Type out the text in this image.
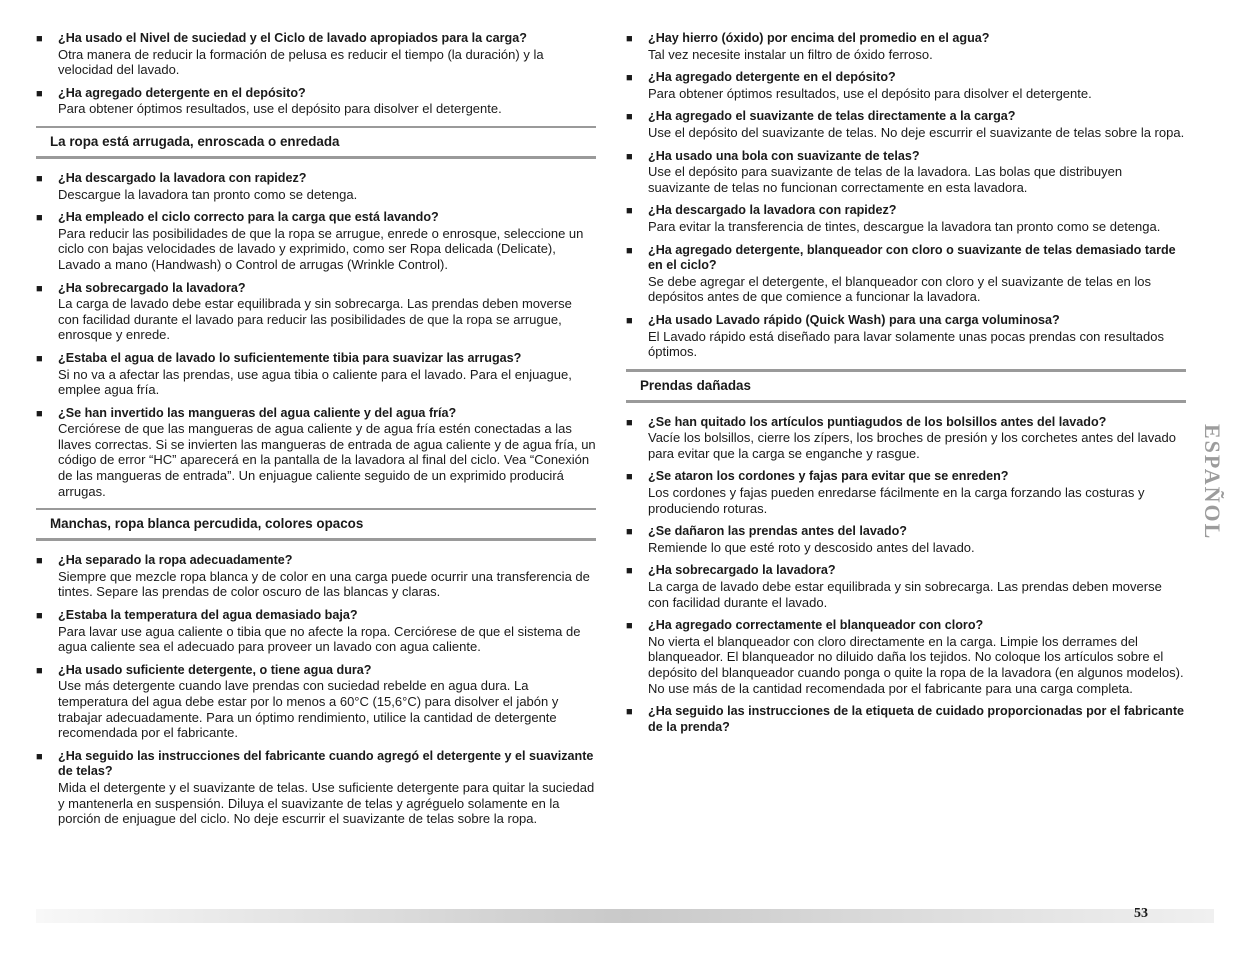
■ ¿Ha usado el Nivel de suciedad y el Ciclo de lavado apropiados para la carga?
Otra manera de reducir la formación de pelusa es reducir el tiempo (la duración) y la velocidad del lavado.
■ ¿Ha agregado detergente en el depósito?
Para obtener óptimos resultados, use el depósito para disolver el detergente.
La ropa está arrugada, enroscada o enredada
■ ¿Ha descargado la lavadora con rapidez?
Descargue la lavadora tan pronto como se detenga.
■ ¿Ha empleado el ciclo correcto para la carga que está lavando?
Para reducir las posibilidades de que la ropa se arrugue, enrede o enrosque, seleccione un ciclo con bajas velocidades de lavado y exprimido, como ser Ropa delicada (Delicate), Lavado a mano (Handwash) o Control de arrugas (Wrinkle Control).
■ ¿Ha sobrecargado la lavadora?
La carga de lavado debe estar equilibrada y sin sobrecarga. Las prendas deben moverse con facilidad durante el lavado para reducir las posibilidades de que la ropa se arrugue, enrosque y enrede.
■ ¿Estaba el agua de lavado lo suficientemente tibia para suavizar las arrugas?
Si no va a afectar las prendas, use agua tibia o caliente para el lavado. Para el enjuague, emplee agua fría.
■ ¿Se han invertido las mangueras del agua caliente y del agua fría?
Cerciórese de que las mangueras de agua caliente y de agua fría estén conectadas a las llaves correctas. Si se invierten las mangueras de entrada de agua caliente y de agua fría, un código de error “HC” aparecerá en la pantalla de la lavadora al final del ciclo. Vea “Conexión de las mangueras de entrada”. Un enjuague caliente seguido de un exprimido producirá arrugas.
Manchas, ropa blanca percudida, colores opacos
■ ¿Ha separado la ropa adecuadamente?
Siempre que mezcle ropa blanca y de color en una carga puede ocurrir una transferencia de tintes. Separe las prendas de color oscuro de las blancas y claras.
■ ¿Estaba la temperatura del agua demasiado baja?
Para lavar use agua caliente o tibia que no afecte la ropa. Cerciórese de que el sistema de agua caliente sea el adecuado para proveer un lavado con agua caliente.
■ ¿Ha usado suficiente detergente, o tiene agua dura?
Use más detergente cuando lave prendas con suciedad rebelde en agua dura. La temperatura del agua debe estar por lo menos a 60°C (15,6°C) para disolver el jabón y trabajar adecuadamente. Para un óptimo rendimiento, utilice la cantidad de detergente recomendada por el fabricante.
■ ¿Ha seguido las instrucciones del fabricante cuando agregó el detergente y el suavizante de telas?
Mida el detergente y el suavizante de telas. Use suficiente detergente para quitar la suciedad y mantenerla en suspensión. Diluya el suavizante de telas y agréguelo solamente en la porción de enjuague del ciclo. No deje escurrir el suavizante de telas sobre la ropa.
■ ¿Hay hierro (óxido) por encima del promedio en el agua?
Tal vez necesite instalar un filtro de óxido ferroso.
■ ¿Ha agregado detergente en el depósito?
Para obtener óptimos resultados, use el depósito para disolver el detergente.
■ ¿Ha agregado el suavizante de telas directamente a la carga?
Use el depósito del suavizante de telas. No deje escurrir el suavizante de telas sobre la ropa.
■ ¿Ha usado una bola con suavizante de telas?
Use el depósito para suavizante de telas de la lavadora. Las bolas que distribuyen suavizante de telas no funcionan correctamente en esta lavadora.
■ ¿Ha descargado la lavadora con rapidez?
Para evitar la transferencia de tintes, descargue la lavadora tan pronto como se detenga.
■ ¿Ha agregado detergente, blanqueador con cloro o suavizante de telas demasiado tarde en el ciclo?
Se debe agregar el detergente, el blanqueador con cloro y el suavizante de telas en los depósitos antes de que comience a funcionar la lavadora.
■ ¿Ha usado Lavado rápido (Quick Wash) para una carga voluminosa?
El Lavado rápido está diseñado para lavar solamente unas pocas prendas con resultados óptimos.
Prendas dañadas
■ ¿Se han quitado los artículos puntiagudos de los bolsillos antes del lavado?
Vacíe los bolsillos, cierre los zípers, los broches de presión y los corchetes antes del lavado para evitar que la carga se enganche y rasgue.
■ ¿Se ataron los cordones y fajas para evitar que se enreden?
Los cordones y fajas pueden enredarse fácilmente en la carga forzando las costuras y produciendo roturas.
■ ¿Se dañaron las prendas antes del lavado?
Remiende lo que esté roto y descosido antes del lavado.
■ ¿Ha sobrecargado la lavadora?
La carga de lavado debe estar equilibrada y sin sobrecarga. Las prendas deben moverse con facilidad durante el lavado.
■ ¿Ha agregado correctamente el blanqueador con cloro?
No vierta el blanqueador con cloro directamente en la carga. Limpie los derrames del blanqueador. El blanqueador no diluido daña los tejidos. No coloque los artículos sobre el depósito del blanqueador cuando ponga o quite la ropa de la lavadora (en algunos modelos). No use más de la cantidad recomendada por el fabricante para una carga completa.
■ ¿Ha seguido las instrucciones de la etiqueta de cuidado proporcionadas por el fabricante de la prenda?
ESPAÑOL
53
